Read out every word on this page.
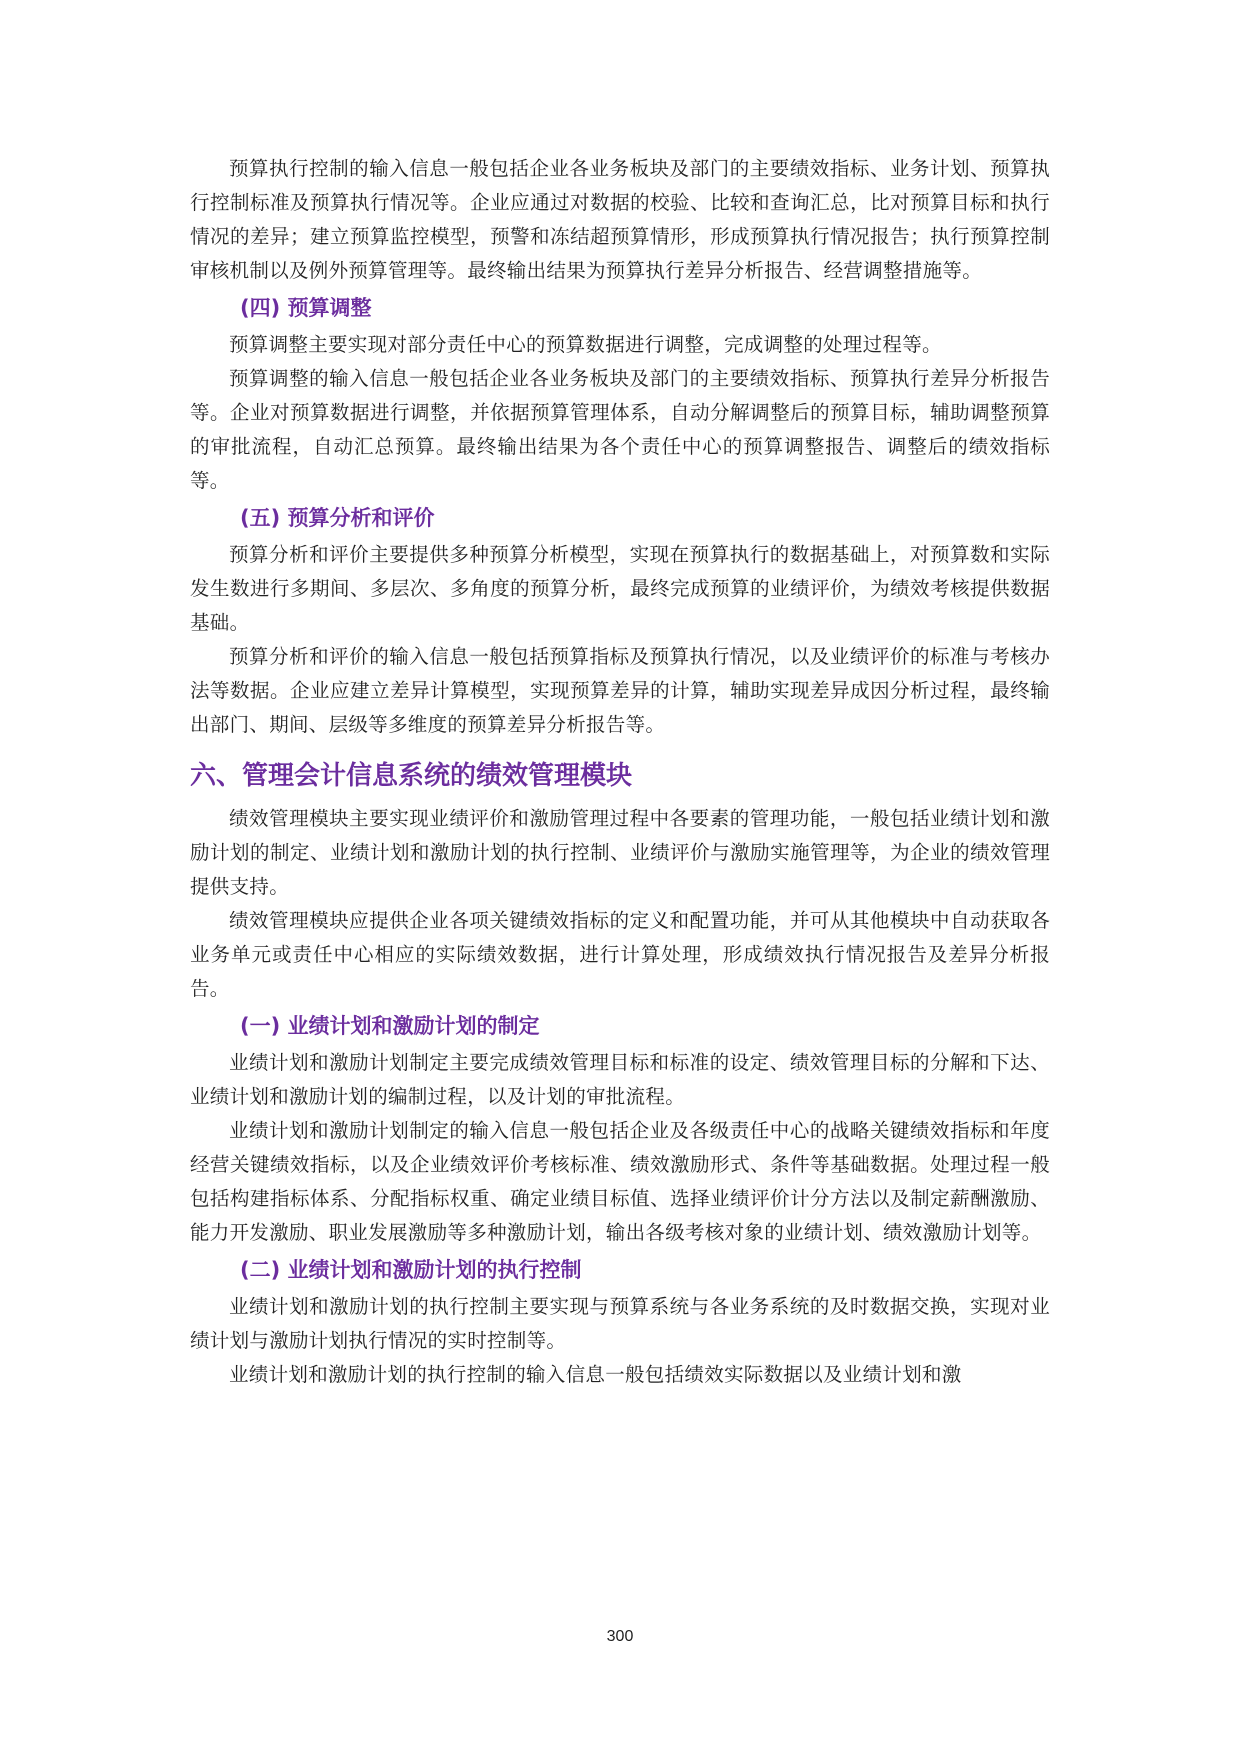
预算执行控制的输入信息一般包括企业各业务板块及部门的主要绩效指标、业务计划、预算执行控制标准及预算执行情况等。企业应通过对数据的校验、比较和查询汇总，比对预算目标和执行情况的差异；建立预算监控模型，预警和冻结超预算情形，形成预算执行情况报告；执行预算控制审核机制以及例外预算管理等。最终输出结果为预算执行差异分析报告、经营调整措施等。

(四) 预算调整

预算调整主要实现对部分责任中心的预算数据进行调整，完成调整的处理过程等。

预算调整的输入信息一般包括企业各业务板块及部门的主要绩效指标、预算执行差异分析报告等。企业对预算数据进行调整，并依据预算管理体系，自动分解调整后的预算目标，辅助调整预算的审批流程，自动汇总预算。最终输出结果为各个责任中心的预算调整报告、调整后的绩效指标等。

(五) 预算分析和评价

预算分析和评价主要提供多种预算分析模型，实现在预算执行的数据基础上，对预算数和实际发生数进行多期间、多层次、多角度的预算分析，最终完成预算的业绩评价，为绩效考核提供数据基础。

预算分析和评价的输入信息一般包括预算指标及预算执行情况，以及业绩评价的标准与考核办法等数据。企业应建立差异计算模型，实现预算差异的计算，辅助实现差异成因分析过程，最终输出部门、期间、层级等多维度的预算差异分析报告等。

六、管理会计信息系统的绩效管理模块

绩效管理模块主要实现业绩评价和激励管理过程中各要素的管理功能，一般包括业绩计划和激励计划的制定、业绩计划和激励计划的执行控制、业绩评价与激励实施管理等，为企业的绩效管理提供支持。

绩效管理模块应提供企业各项关键绩效指标的定义和配置功能，并可从其他模块中自动获取各业务单元或责任中心相应的实际绩效数据，进行计算处理，形成绩效执行情况报告及差异分析报告。

(一) 业绩计划和激励计划的制定

业绩计划和激励计划制定主要完成绩效管理目标和标准的设定、绩效管理目标的分解和下达、业绩计划和激励计划的编制过程，以及计划的审批流程。

业绩计划和激励计划制定的输入信息一般包括企业及各级责任中心的战略关键绩效指标和年度经营关键绩效指标，以及企业绩效评价考核标准、绩效激励形式、条件等基础数据。处理过程一般包括构建指标体系、分配指标权重、确定业绩目标值、选择业绩评价计分方法以及制定薪酬激励、能力开发激励、职业发展激励等多种激励计划，输出各级考核对象的业绩计划、绩效激励计划等。

(二) 业绩计划和激励计划的执行控制

业绩计划和激励计划的执行控制主要实现与预算系统与各业务系统的及时数据交换，实现对业绩计划与激励计划执行情况的实时控制等。

业绩计划和激励计划的执行控制的输入信息一般包括绩效实际数据以及业绩计划和激

300
